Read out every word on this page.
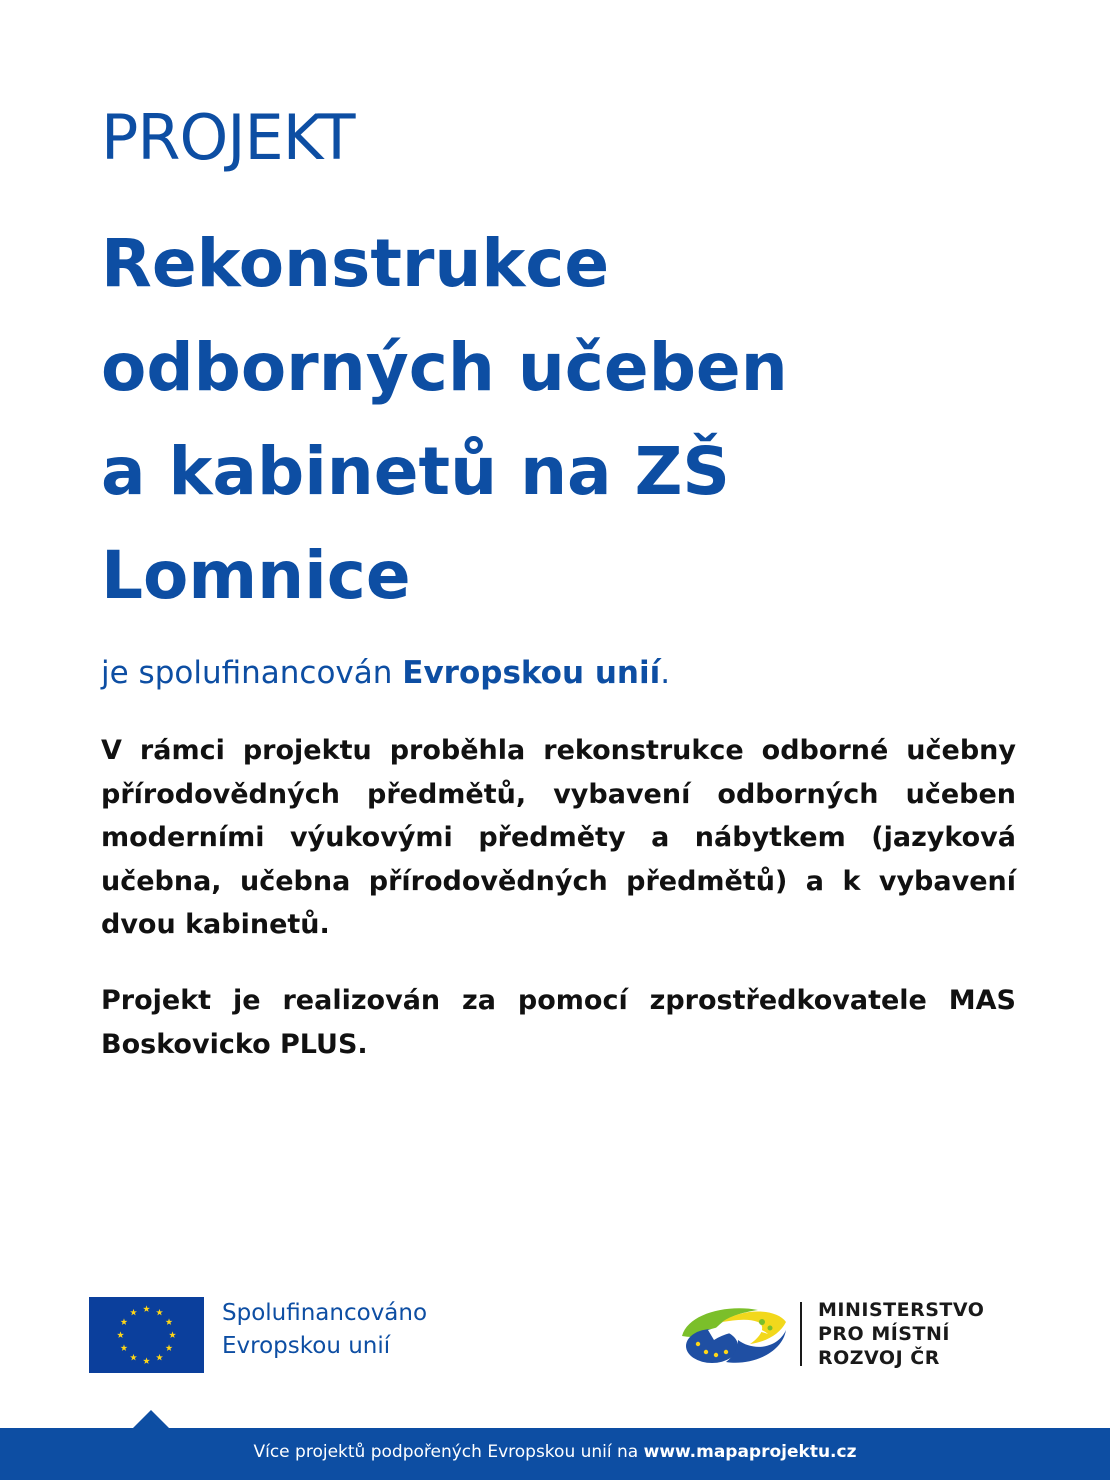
PROJEKT
Rekonstrukce
odborných učeben
a kabinetů na ZŠ
Lomnice
je spolufinancován Evropskou unií.

V rámci projektu proběhla rekonstrukce odborné učebny přírodovědných předmětů, vybavení odborných učeben moderními výukovými předměty a nábytkem (jazyková učebna, učebna přírodovědných předmětů) a k vybavení dvou kabinetů.

Projekt je realizován za pomocí zprostředkovatele MAS Boskovicko PLUS.

Spolufinancováno
Evropskou unií
MINISTERSTVO
PRO MÍSTNÍ
ROZVOJ ČR
Více projektů podpořených Evropskou unií na www.mapaprojektu.cz
